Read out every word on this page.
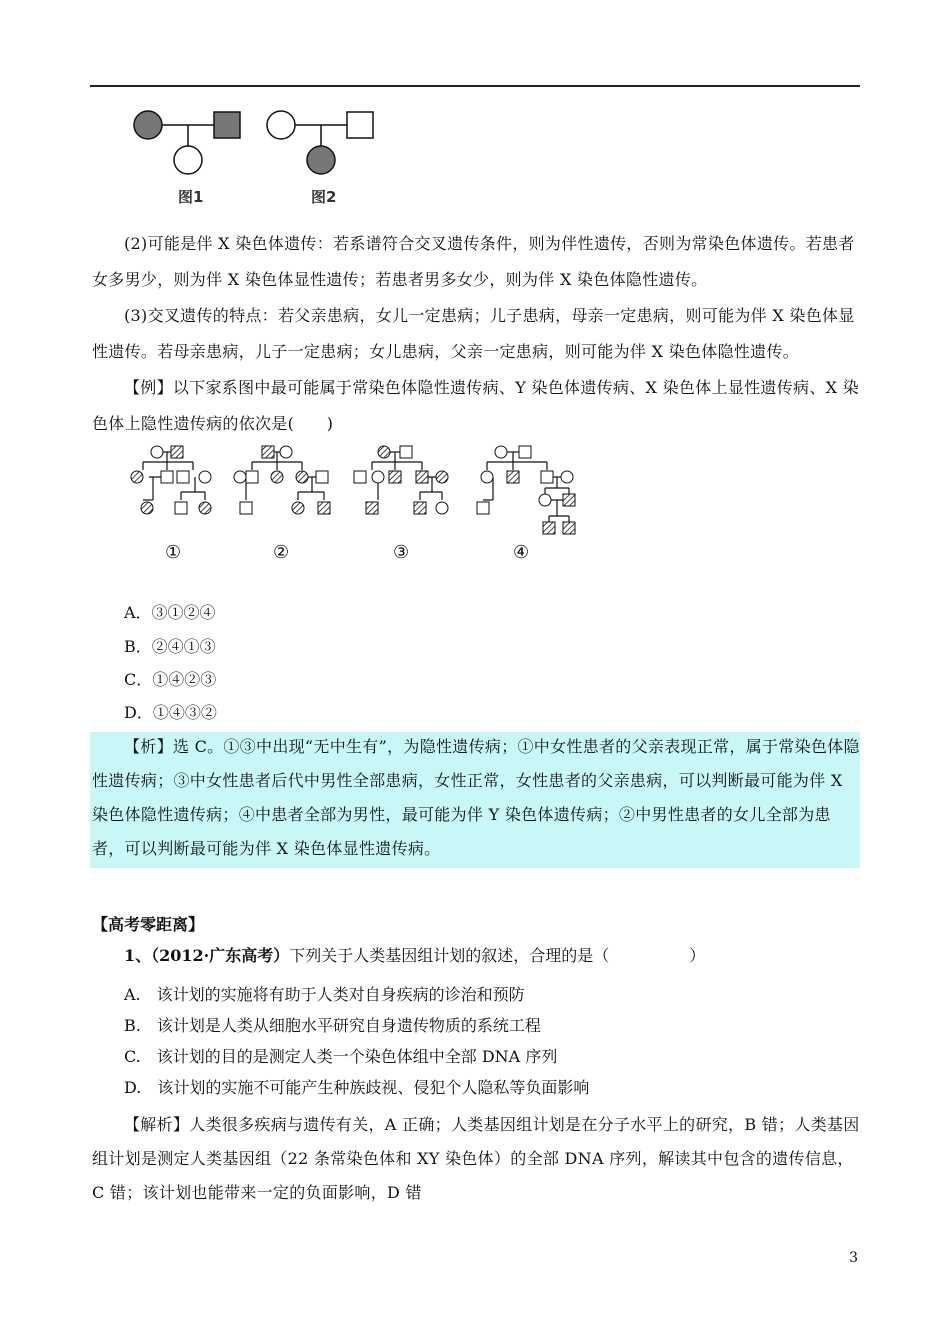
图1	图2
(2)可能是伴 X 染色体遗传：若系谱符合交叉遗传条件，则为伴性遗传，否则为常染色体遗传。若患者女多男少，则为伴 X 染色体显性遗传；若患者男多女少，则为伴 X 染色体隐性遗传。
(3)交叉遗传的特点：若父亲患病，女儿一定患病；儿子患病，母亲一定患病，则可能为伴 X 染色体显性遗传。若母亲患病，儿子一定患病；女儿患病，父亲一定患病，则可能为伴 X 染色体隐性遗传。
【例】以下家系图中最可能属于常染色体隐性遗传病、Y 染色体遗传病、X 染色体上显性遗传病、X 染色体上隐性遗传病的依次是(　　)
①	②	③	④
A．③①②④
B．②④①③
C．①④②③
D．①④③②
【析】选 C。①③中出现“无中生有”，为隐性遗传病；①中女性患者的父亲表现正常，属于常染色体隐性遗传病；③中女性患者后代中男性全部患病，女性正常，女性患者的父亲患病，可以判断最可能为伴 X 染色体隐性遗传病；④中患者全部为男性，最可能为伴 Y 染色体遗传病；②中男性患者的女儿全部为患者，可以判断最可能为伴 X 染色体显性遗传病。
【高考零距离】
1、（2012·广东高考）下列关于人类基因组计划的叙述，合理的是（　　　　　）
A.　该计划的实施将有助于人类对自身疾病的诊治和预防
B.　该计划是人类从细胞水平研究自身遗传物质的系统工程
C.　该计划的目的是测定人类一个染色体组中全部 DNA 序列
D.　该计划的实施不可能产生种族歧视、侵犯个人隐私等负面影响
【解析】人类很多疾病与遗传有关，A 正确；人类基因组计划是在分子水平上的研究，B 错；人类基因组计划是测定人类基因组（22 条常染色体和 XY 染色体）的全部 DNA 序列，解读其中包含的遗传信息，C 错；该计划也能带来一定的负面影响，D 错
3
